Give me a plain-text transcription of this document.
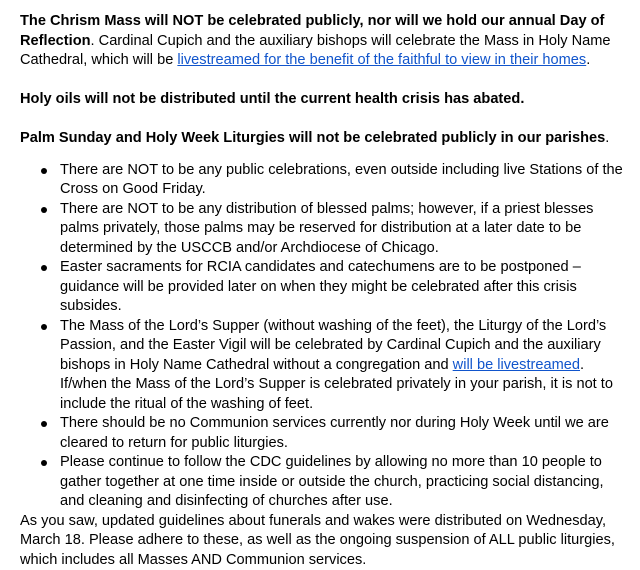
The Chrism Mass will NOT be celebrated publicly, nor will we hold our annual Day of Reflection. Cardinal Cupich and the auxiliary bishops will celebrate the Mass in Holy Name Cathedral, which will be livestreamed for the benefit of the faithful to view in their homes.

Holy oils will not be distributed until the current health crisis has abated.

Palm Sunday and Holy Week Liturgies will not be celebrated publicly in our parishes.

There are NOT to be any public celebrations, even outside including live Stations of the Cross on Good Friday.
There are NOT to be any distribution of blessed palms; however, if a priest blesses palms privately, those palms may be reserved for distribution at a later date to be determined by the USCCB and/or Archdiocese of Chicago.
Easter sacraments for RCIA candidates and catechumens are to be postponed – guidance will be provided later on when they might be celebrated after this crisis subsides.
The Mass of the Lord’s Supper (without washing of the feet), the Liturgy of the Lord’s Passion, and the Easter Vigil will be celebrated by Cardinal Cupich and the auxiliary bishops in Holy Name Cathedral without a congregation and will be livestreamed. If/when the Mass of the Lord’s Supper is celebrated privately in your parish, it is not to include the ritual of the washing of feet.
There should be no Communion services currently nor during Holy Week until we are cleared to return for public liturgies.
Please continue to follow the CDC guidelines by allowing no more than 10 people to gather together at one time inside or outside the church, practicing social distancing, and cleaning and disinfecting of churches after use.

As you saw, updated guidelines about funerals and wakes were distributed on Wednesday, March 18. Please adhere to these, as well as the ongoing suspension of ALL public liturgies, which includes all Masses AND Communion services.
